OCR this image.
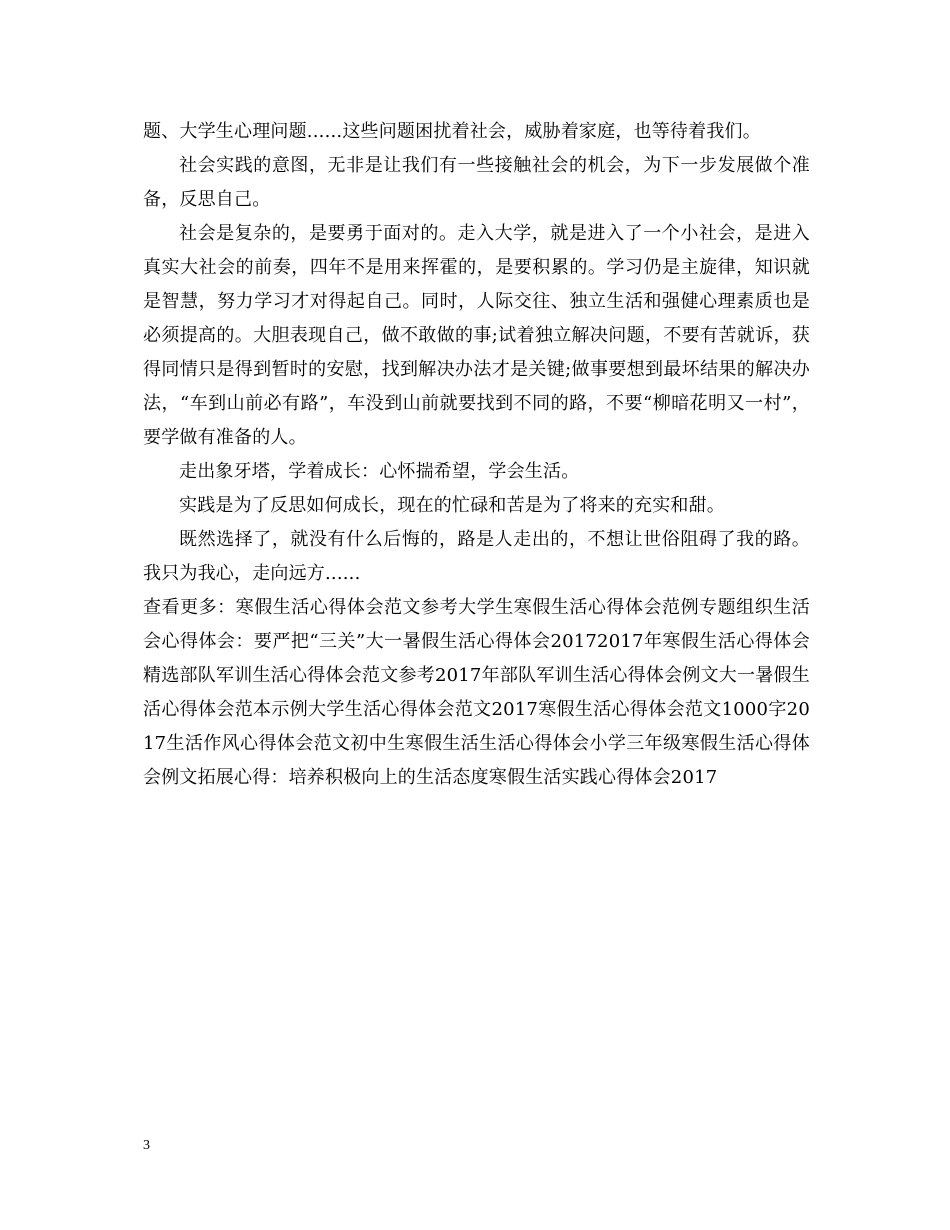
题、大学生心理问题......这些问题困扰着社会，威胁着家庭，也等待着我们。

社会实践的意图，无非是让我们有一些接触社会的机会，为下一步发展做个准备，反思自己。

社会是复杂的，是要勇于面对的。走入大学，就是进入了一个小社会，是进入真实大社会的前奏，四年不是用来挥霍的，是要积累的。学习仍是主旋律，知识就是智慧，努力学习才对得起自己。同时，人际交往、独立生活和强健心理素质也是必须提高的。大胆表现自己，做不敢做的事;试着独立解决问题，不要有苦就诉，获得同情只是得到暂时的安慰，找到解决办法才是关键;做事要想到最坏结果的解决办法，“车到山前必有路”，车没到山前就要找到不同的路，不要“柳暗花明又一村”，要学做有准备的人。

走出象牙塔，学着成长：心怀揣希望，学会生活。

实践是为了反思如何成长，现在的忙碌和苦是为了将来的充实和甜。

既然选择了，就没有什么后悔的，路是人走出的，不想让世俗阻碍了我的路。我只为我心，走向远方......

查看更多：寒假生活心得体会范文参考大学生寒假生活心得体会范例专题组织生活会心得体会：要严把“三关”大一暑假生活心得体会20172017年寒假生活心得体会精选部队军训生活心得体会范文参考2017年部队军训生活心得体会例文大一暑假生活心得体会范本示例大学生活心得体会范文2017寒假生活心得体会范文1000字2017生活作风心得体会范文初中生寒假生活生活心得体会小学三年级寒假生活心得体会例文拓展心得：培养积极向上的生活态度寒假生活实践心得体会2017

3
